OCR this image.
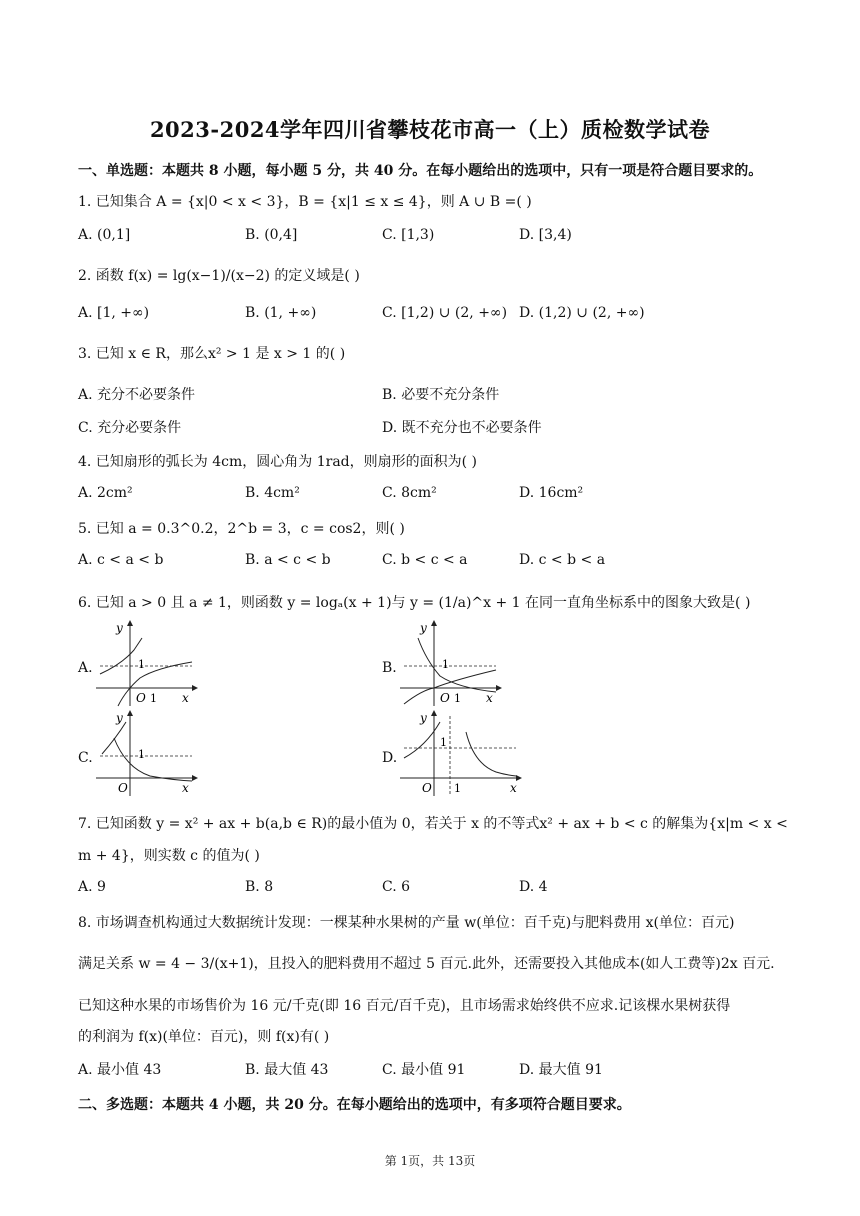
2023-2024学年四川省攀枝花市高一（上）质检数学试卷
一、单选题：本题共 8 小题，每小题 5 分，共 40 分。在每小题给出的选项中，只有一项是符合题目要求的。
1. 已知集合 A = {x|0 < x < 3}，B = {x|1 ≤ x ≤ 4}，则 A ∪ B =( )
A. (0,1]	B. (0,4]	C. [1,3)	D. [3,4)
2. 函数 f(x) = lg(x−1)/(x−2) 的定义域是( )
A. [1, +∞)	B. (1, +∞)	C. [1,2) ∪ (2, +∞) D. (1,2) ∪ (2, +∞)
3. 已知 x ∈ R，那么x² > 1 是 x > 1 的( )
A. 充分不必要条件	B. 必要不充分条件
C. 充分必要条件	D. 既不充分也不必要条件
4. 已知扇形的弧长为 4cm，圆心角为 1rad，则扇形的面积为( )
A. 2cm²	B. 4cm²	C. 8cm²	D. 16cm²
5. 已知 a = 0.3^0.2，2^b = 3，c = cos2，则( )
A. c < a < b	B. a < c < b	C. b < c < a	D. c < b < a
6. 已知 a > 0 且 a ≠ 1，则函数 y = logₐ(x + 1)与 y = (1/a)^x + 1 在同一直角坐标系中的图象大致是( )
A.
y
1
O 1 x
B.
y
1
O 1 x
C.
y
1
O	x
D.
y
1
O 1	x
7. 已知函数 y = x² + ax + b(a,b ∈ R)的最小值为 0，若关于 x 的不等式x² + ax + b < c 的解集为{x|m < x <
m + 4}，则实数 c 的值为( )
A. 9	B. 8	C. 6	D. 4
8. 市场调查机构通过大数据统计发现：一棵某种水果树的产量 w(单位：百千克)与肥料费用 x(单位：百元)
满足关系 w = 4 − 3/(x+1)，且投入的肥料费用不超过 5 百元.此外，还需要投入其他成本(如人工费等)2x 百元.
已知这种水果的市场售价为 16 元/千克(即 16 百元/百千克)，且市场需求始终供不应求.记该棵水果树获得
的利润为 f(x)(单位：百元)，则 f(x)有( )
A. 最小值 43	B. 最大值 43	C. 最小值 91	D. 最大值 91
二、多选题：本题共 4 小题，共 20 分。在每小题给出的选项中，有多项符合题目要求。
第 1页，共 13页
